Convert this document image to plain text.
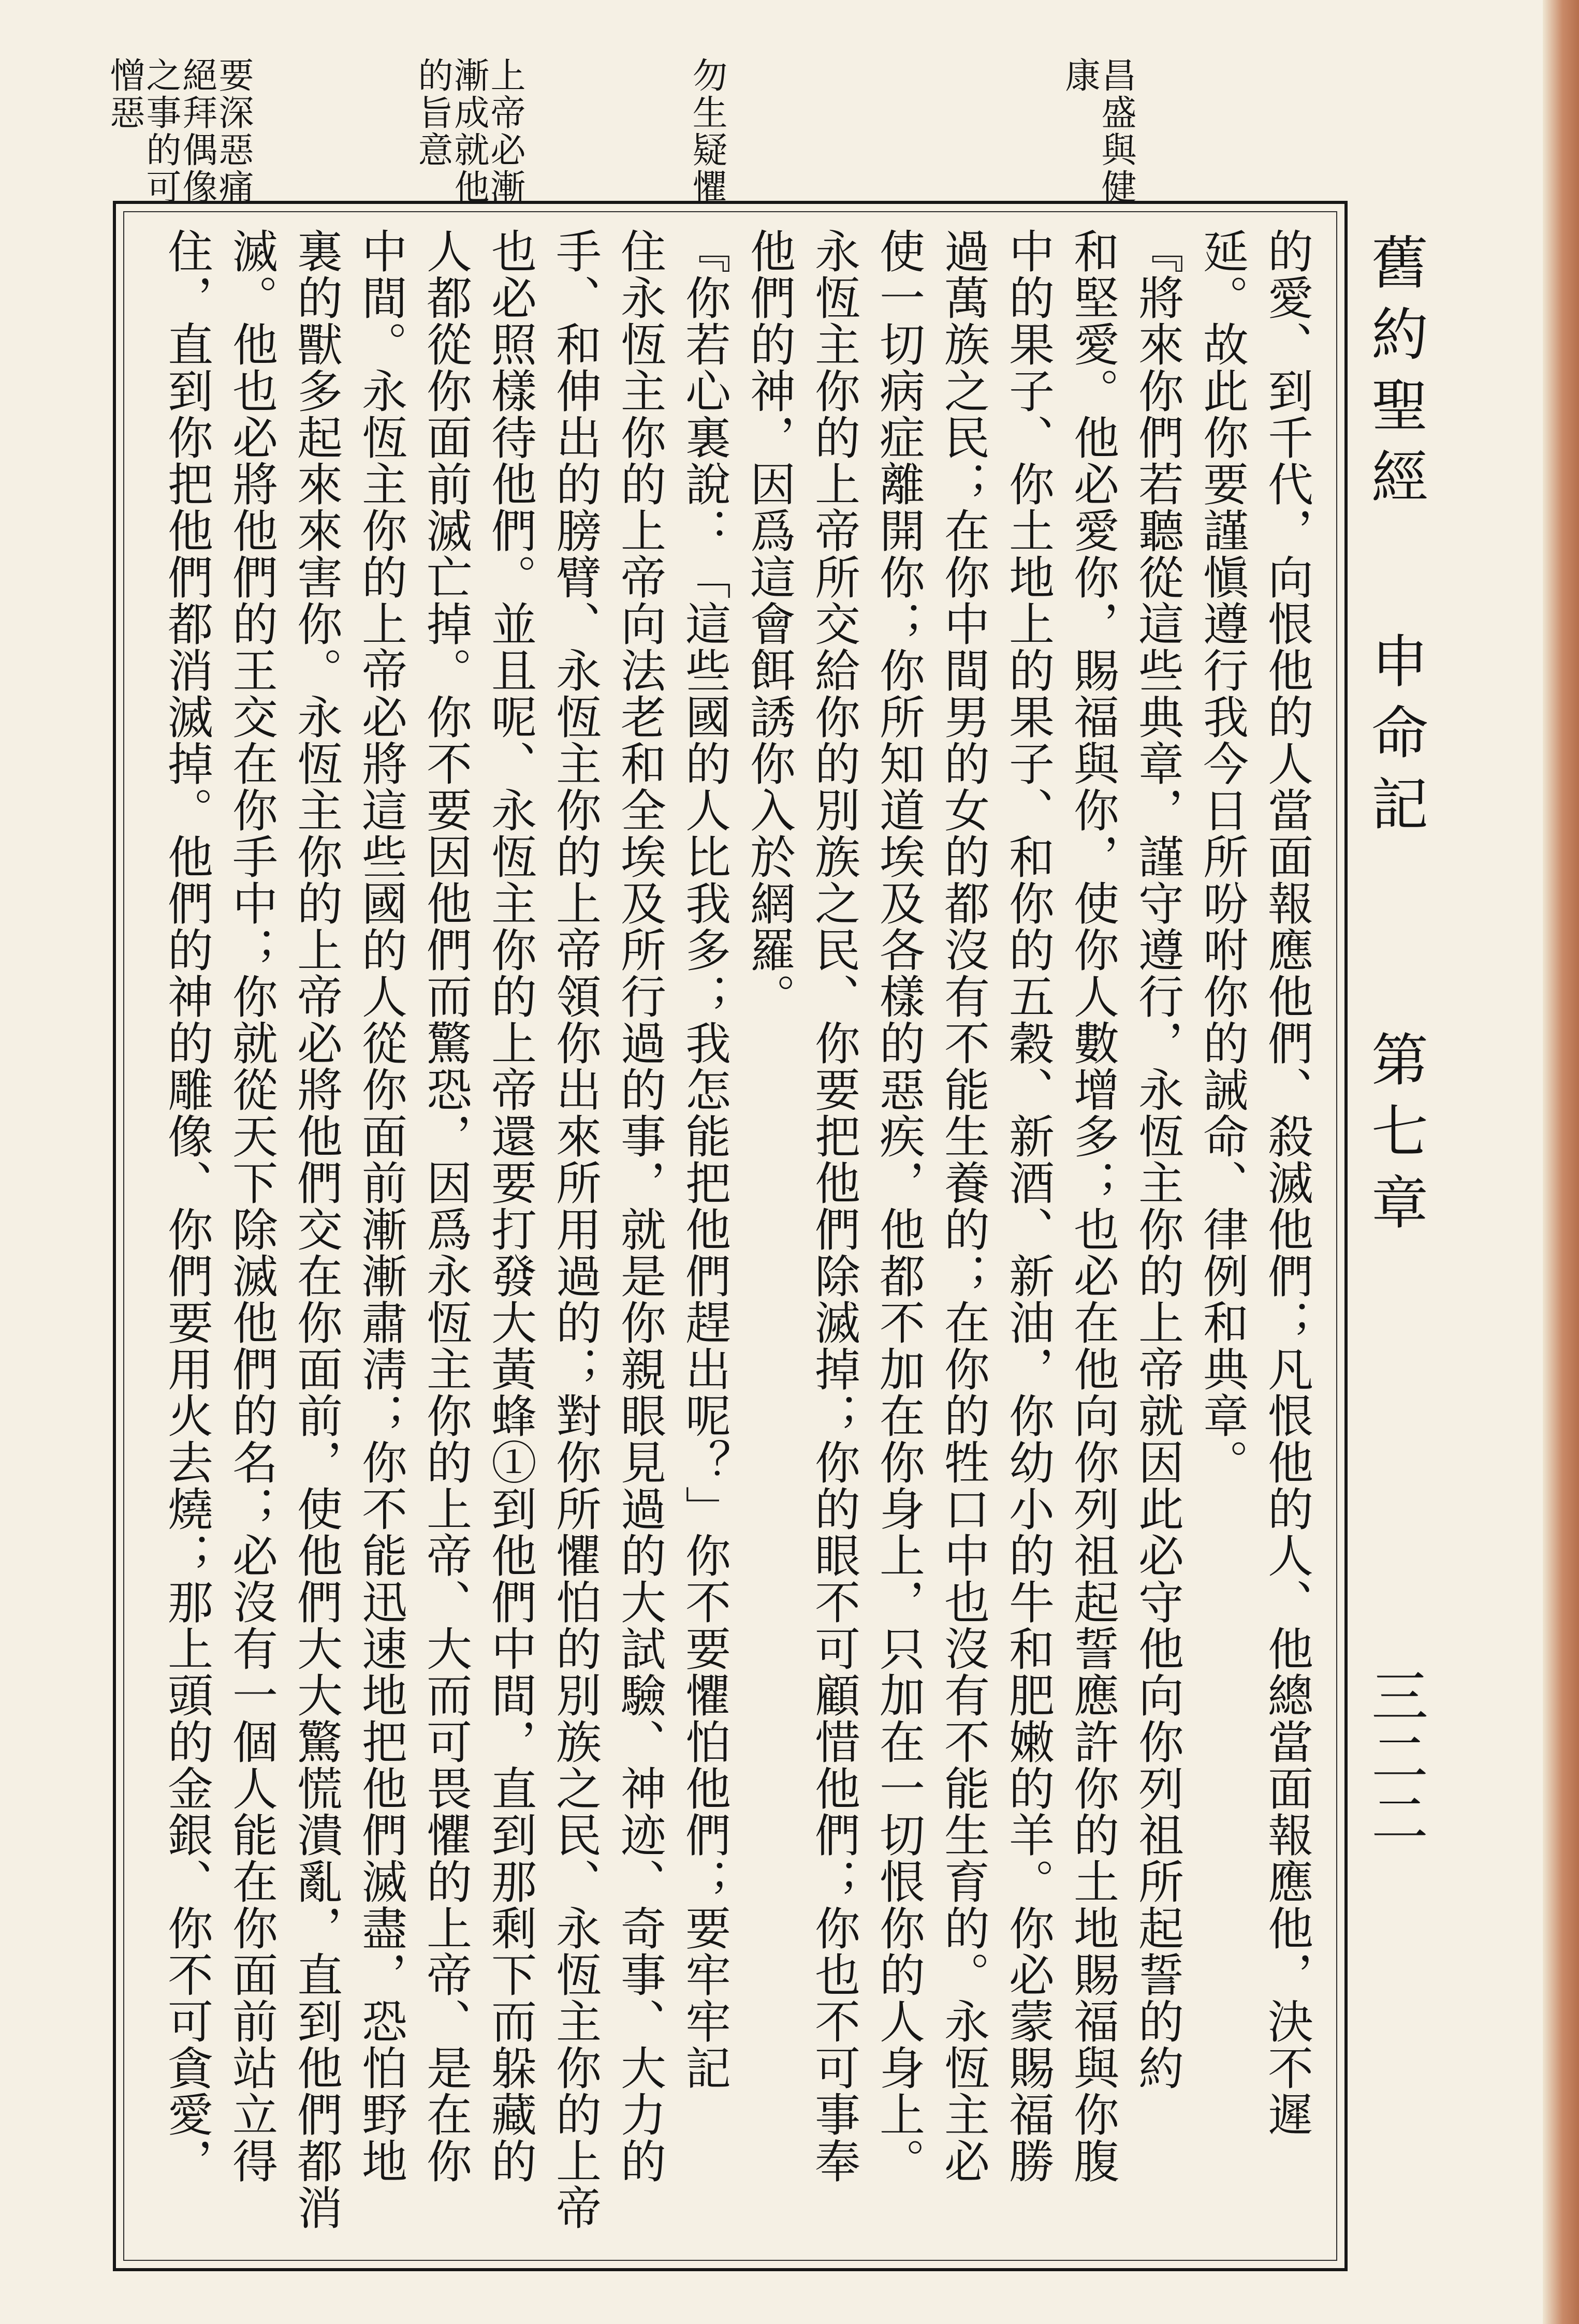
舊約聖經
申命記
第七章
三二二
昌盛與健
康
勿生疑懼
上帝必漸
漸成就他
的旨意
要深惡痛
絕拜偶像
之事的可
憎惡
的愛、到千代，向恨他的人當面報應他們、殺滅他們；凡恨他的人、他總當面報應他，決不遲
延。故此你要謹愼遵行我今日所吩咐你的誡命、律例和典章。
『將來你們若聽從這些典章，謹守遵行，永恆主你的上帝就因此必守他向你列祖所起誓的約
和堅愛。他必愛你，賜福與你，使你人數增多；也必在他向你列祖起誓應許你的土地賜福與你腹
中的果子、你土地上的果子、和你的五穀、新酒、新油，你幼小的牛和肥嫩的羊。你必蒙賜福勝
過萬族之民；在你中間男的女的都沒有不能生養的；在你的牲口中也沒有不能生育的。永恆主必
使一切病症離開你；你所知道埃及各樣的惡疾，他都不加在你身上，只加在一切恨你的人身上。
永恆主你的上帝所交給你的別族之民、你要把他們除滅掉；你的眼不可顧惜他們；你也不可事奉
他們的神，因爲這會餌誘你入於網羅。
『你若心裏說：「這些國的人比我多；我怎能把他們趕出呢？」你不要懼怕他們；要牢牢記
住永恆主你的上帝向法老和全埃及所行過的事，就是你親眼見過的大試驗、神迹、奇事、大力的
手、和伸出的膀臂、永恆主你的上帝領你出來所用過的；對你所懼怕的別族之民、永恆主你的上帝
也必照樣待他們。並且呢、永恆主你的上帝還要打發大黃蜂①到他們中間，直到那剩下而躲藏的
人都從你面前滅亡掉。你不要因他們而驚恐，因爲永恆主你的上帝、大而可畏懼的上帝、是在你
中間。永恆主你的上帝必將這些國的人從你面前漸漸肅淸；你不能迅速地把他們滅盡，恐怕野地
裏的獸多起來來害你。永恆主你的上帝必將他們交在你面前，使他們大大驚慌潰亂，直到他們都消
滅。他也必將他們的王交在你手中；你就從天下除滅他們的名；必沒有一個人能在你面前站立得
住，直到你把他們都消滅掉。他們的神的雕像、你們要用火去燒；那上頭的金銀、你不可貪愛，
